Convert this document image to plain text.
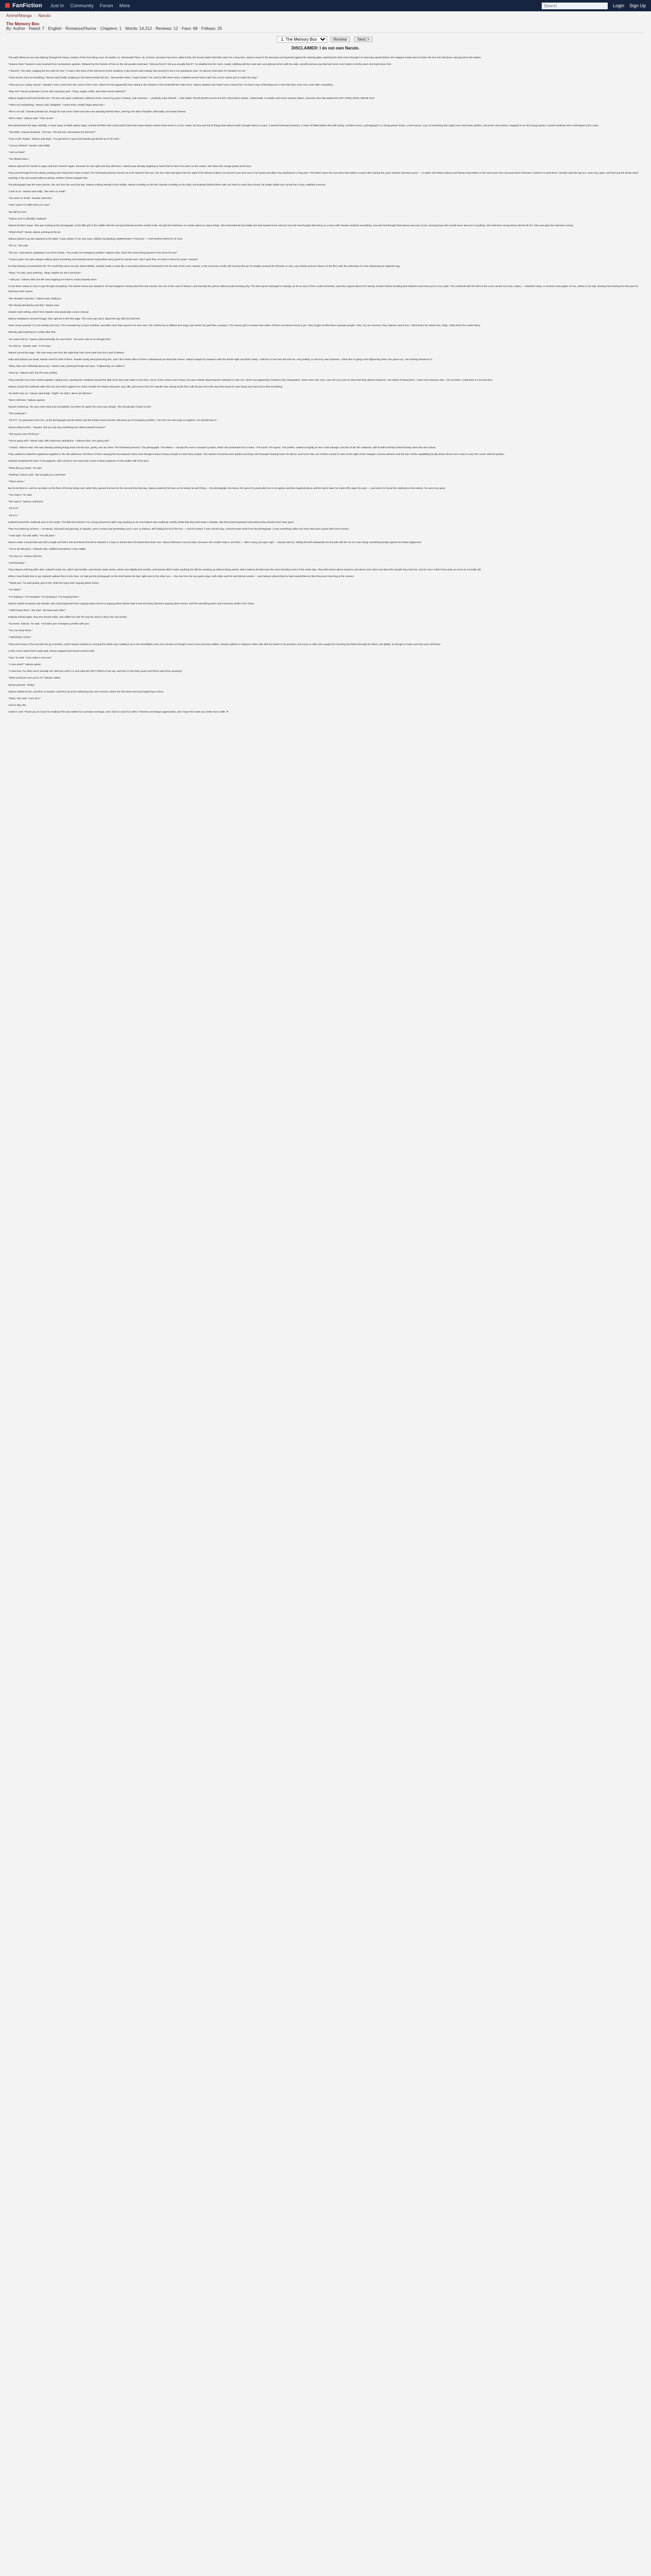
FanFiction Just In Community Forum More
Search	Login Sign Up
Anime/Manga › Naruto
The Memory Box
By: Author · Rated: T · English · Romance/Humor · Chapters: 1 · Words: 14,212 · Reviews: 12 · Favs: 68 · Follows: 25
1. The Memory Box Review	Next >
DISCLAIMER: I do not own Naruto.

The path afternoon sun was blazing through the heavy curtains of the front living room of number 12, Grimmauld Place. Or, at least, someone had once called it that; the house hadn't held that name for a long time. Sakura stood in the doorway and squinted against the slanting light, watching the dust move through it in slow lazy spirals before she stepped inside and set down the box she had been carrying since the station.

"Sakura-chan!" Naruto's voice boomed from somewhere upstairs, followed by the thunder of feet on the old wooden staircase. "Did you find it? Did you actually find it?" He skidded into the room, nearly colliding with the coat rack, and grinned at her with the wide, unselfconscious joy that had never once faded in all the years she had known him.

"I found it," she said, nudging the box with her foot. "It was in the back of the storeroom at the academy. Iruka-sensei said nobody had touched it since our graduation year. He almost cried when he handed it to me."

"Iruka-sensei cries at everything," Naruto said fondly, dropping to his knees beside the box. "Remember when I made chunin? He cried for like three hours. Kakashi-sensei had to take him out for ramen just to make him stop."

"That was you crying, Naruto." Sasuke's voice came from the corner of the room, where he had apparently been sitting in the shadow of the bookshelf the entire time. Sakura startled; she hadn't even noticed him. He had a way of blending into a room like that, even now, even after everything.

"Was not!" Naruto protested, but his ears had gone pink. "Okay, maybe a little. But Iruka-sensei started it!"

Sakura laughed and knelt beside him. The box was plain cardboard, softened at the corners by years of damp, and someone — probably Iruka himself — had written TEAM SEVEN across the lid in thick black marker. Underneath, in smaller and much messier letters, someone else had added DO NOT OPEN UNTIL WE'RE OLD.

"That's my handwriting," Naruto said, delighted. "I wrote that! I totally forgot about this."

"We're not old," Sasuke pointed out, though he had come closer and was now standing behind them, peering over their shoulders with badly concealed interest.

"We're older," Sakura said. "That counts."

She peeled back the tape carefully. It came away in brittle yellow strips, and the lid lifted with a faint puff of dust that made Naruto sneeze three times in a row. Inside, the box was full of things that Sakura hadn't thought about in years: a dented forehead protector, a stack of folded letters tied with string, a broken kunai, a photograph in a cheap plastic frame, a bent spoon, a jar of something that might once have been pickles, and at the very bottom, wrapped in an old orange jacket, a small notebook with a bell taped to the cover.

"The bells," Naruto breathed. "Oh man. The bell test. Remember the bell test?"

"How could I forget," Sakura said dryly. "You got tied to a post and Sasuke got buried up to his neck."

"And you fainted," Sasuke said mildly.

"I did not faint!"

"You fainted twice."

Sakura opened her mouth to argue and then closed it again, because he was right and they all knew it. Naruto was already laughing so hard that he had to lie down on the carpet. She threw the orange jacket at his face.

They went through the box slowly, passing each thing from hand to hand. The forehead protector turned out to be Naruto's first one, the one Iruka had given him the night of the Mizuki incident; he turned it over and over in his hands and didn't say anything for a long time. The letters were the ones they had written to each other during the years Sasuke had been gone — or rather, the letters Sakura and Naruto had written to him and never sent, because there had been nowhere to send them. Sasuke read the top one, went very quiet, and then put the whole stack carefully in his own pocket without asking. Neither of them stopped him.

The photograph was the team picture, the one from the very first day. Sakura smiling sweetly in the middle, Naruto scowling on the left, Sasuke scowling on the right, and Kakashi behind them with one hand on each boy's head, his single visible eye curved into a lazy, satisfied crescent.

"Look at us," Naruto said softly. "We were so small."

"You were so small," Sasuke corrected.

"Hey! I grew! I'm taller than you now!"

"By half an inch."

"Half an inch is still taller, bastard!"

Sakura let them argue. She was looking at the photograph, at the little girl in the middle with the too-big forehead and the careful smile, the girl who had been so certain about so many things. She remembered how badly she had wanted to be noticed, how she had thought that being on a team with Sasuke would fix everything, how she had thought that Naruto was just a loud, annoying boy who would never amount to anything. She had been wrong about almost all of it. She was glad she had been wrong.

"What's that?" Naruto asked, pointing at the jar.

Sakura picked it up and squinted at the label. It was written in her own neat, childish handwriting: EMERGENCY PICKLES — FOR WHEN NARUTO IS SAD.

"Oh no," she said.

"Oh yes," said Naruto, grabbing it out of her hands. "You made me emergency pickles? Sakura-chan, that's the nicest thing anyone's ever done for me!"

"It was a joke! You were always sulking about something and Kakashi-sensei said pickles were good for morale and—don't open that, it's been in there for years—Naruto!"

He had already unscrewed the lid. The smell that came out was indescribable. Sasuke made a noise like a wounded animal and retreated to the far side of the room. Naruto, to his enormous credit, did not drop the jar; he simply screwed the lid back on very, very slowly and set it down on the floor with the solemnity of a man disarming an explosive tag.

"Okay," he said, eyes watering. "Okay. Maybe we don't eat those."

"I told you," Sakura said, but she was laughing too hard to sound properly stern.

It took them nearly an hour to get through everything. The broken kunai was Sasuke's; he had snapped it during their first real mission, the one in the Land of Waves, and had kept the pieces without quite knowing why. The bent spoon belonged to nobody, as far as any of them could remember, and they argued about it for twenty minutes before deciding that Kakashi must have put it in as a joke. The notebook with the bell on the cover turned out to be a diary — Kakashi's diary, or at least a few pages of one, written in his tidy, slanting hand during the first year he had been their sensei.

"We shouldn't read this," Sakura said, holding it.

"We should absolutely read this," Naruto said.

Sasuke said nothing, which from Sasuke was practically a vote in favour.

Sakura hesitated a moment longer, then opened to the first page. The entry was short, dated the day after the bell test.

Team Seven passed. I'm not entirely sure how. The Uzumaki boy is loud, reckless, and talks more than anyone I've ever met. The Uchiha boy is brilliant and angry and carries his grief like a weapon. The Haruno girl is smarter than either of them and doesn't know it yet. They fought me like three separate people. Then, for one moment, they shared a lunch box. I think that's the whole test, really. I think that's the whole thing.

Nobody said anything for a while after that.

"He never told us," Naruto said eventually, his voice thick. "He never told us he thought that."

"He told us," Sasuke said. "In his way."

Sakura turned the page. The next entry was from the night they had come back from the Land of Waves.

Haku and Zabuza are dead. Naruto cried for both of them. Sasuke nearly died protecting him, and I don't think either of them understands yet what that means. Sakura stayed by Sasuke's side the whole night and didn't sleep. I told her to rest and she told me, very politely, to mind my own business. I think she is going to be frightening when she grows up. I am looking forward to it.

"Okay, that one's definitely about you," Naruto said, grinning through wet eyes. "Frightening. He called it."

"Shut up," Sakura said, but she was smiling.

They read the rest of the entries together, taking turns, passing the notebook around the little circle they had made on the floor. Some of the entries were funny; one was entirely about Naruto's attempt to cook rice, which had apparently involved a fire extinguisher. Some were sad. One, near the end, was so short that they almost missed it: I am afraid of losing them. I have lost everyone else. I do not think I could bear it a second time.

Sakura closed the notebook after that one and held it against her chest. Beside her Naruto had gone very still, and across from her Sasuke was staring at the floor with his jaw set in the way that meant he was trying very hard not to feel something.

"He didn't lose us," Naruto said finally. "Right? He didn't. We're all still here."

"We're still here," Sakura agreed.

Sasuke looked up. His eyes were dark and unreadable, but when he spoke his voice was steady. "We should give it back to him."

"The notebook?"

"All of it." He gestured at the box, at the photograph and the letters and the broken kunai and the ridiculous jar of emergency pickles. "He's the one who kept us together. He should have it."

Naruto stared at him. "Sasuke. Did you just say something nice about Kakashi-sensei?"

"Tell anyone and I'll kill you."

"You're going soft," Naruto said, with enormous satisfaction. "Sakura-chan, he's going soft."

"I heard," Sakura said. She was already packing things back into the box, gently, one at a time. The forehead protector. The photograph. The letters — except the ones in Sasuke's pocket, which she pretended not to notice. The kunai. The spoon. The pickles, sealed as tightly as she could manage. And last of all, the notebook, with its little bell that chimed faintly when she set it down.

They walked to Kakashi's apartment together in the late afternoon, the three of them carrying the box between them even though it wasn't heavy enough to need three people. The streets of Konoha were golden and busy, full of people heading home for dinner, and more than one of them turned to stare at the sight of the Hokage's closest advisors and the last Uchiha squabbling loudly about whose turn it was to carry the corner with the pickles.

Kakashi answered the door in his pyjamas, with a book in one hand and a look of deep suspicion on the visible half of his face.

"What did you break," he said.

"Nothing!" Naruto said. "We brought you a present!"

"That's worse."

But he let them in, and he sat down on the floor of his tiny living room while they opened the box for the second time that day. Sakura watched his face as he looked at each thing — the photograph, the kunai, the spoon he pretended not to recognise and then laughed about until he had to take his mask off to wipe his eyes — and when he found the notebook at the bottom, he went very quiet.

"You read it," he said.

"We read it," Sakura confirmed.

"All of it?"

"All of it."

Kakashi turned the notebook over in his hands. The little bell chimed. For a long moment he didn't say anything at all, and Sakura was suddenly, terribly afraid that they had made a mistake, that they had trespassed somewhere they should never have gone.

Then he looked up at them — at Naruto, red-eyed and grinning; at Sasuke, arms crossed and pretending not to care; at Sakura, still holding the lid of the box — and he smiled. It was not the lazy, crescent-eyed smile from the photograph. It was something older and more tired and a great deal more honest.

"I was right," he said softly. "You did pass."

Naruto made a sound that was half a laugh and half a sob and threw himself at Kakashi in a hug so violent that it knocked them both over. Sakura followed a second later, because she couldn't help it, and then — after a long, put-upon sigh — Sasuke did too, folding himself awkwardly into the pile with the air of a man doing something deeply against his better judgement.

"You're all ridiculous," Kakashi said, muffled somewhere in the middle.

"You love us," Naruto told him.

"Unfortunately."

They stayed until long after dark. Kakashi made tea, which was terrible, and Naruto made ramen, which was slightly less terrible, and Sasuke didn't make anything but did the washing up without being asked, which Sakura decided was the most shocking event of the entire day. They told stories about missions and about each other and about the people they had lost, and for once it didn't hurt quite as much as it usually did.

When it was finally time to go, Kakashi walked them to the door. He had put the photograph on the shelf above his bed, right next to the other one — the one from his own genin days, with Obito and Rin and Minato-sensei — and Sakura noticed that he had moved them so that they were touching at the corners.

"Thank you," he said quietly, just to her, while the boys were arguing about shoes.

"For what?"

"For finding it." He hesitated. "For keeping it. For keeping them."

Sakura looked at Naruto and Sasuke, who had progressed from arguing about shoes to arguing about whose fault it was that they had been arguing about shoes, and felt something warm and enormous settle in her chest.

"I didn't keep them," she said. "We kept each other."

Kakashi smiled again, that new honest smile, and ruffled her hair the way he used to when she was twelve.

"Go home, Sakura," he said. "And take your emergency pickles with you."

"You can keep those."

"I absolutely cannot."

They went home in the end with the jar of pickles, which Naruto insisted on carrying the whole way, holding it up to the streetlights every few minutes as though it were some precious artifact. Sasuke walked on Sakura's other side with his hands in his pockets, and every so often she caught him touching the letters through the fabric, just lightly, as though to make sure they were still there.

At the corner where their roads split, Naruto stopped and turned to them both.

"Hey," he said. "Let's make a new one."

"A new what?" Sakura asked.

"A new box! For when we're actually old. We'll put stuff in it, and write DO NOT OPEN on the top, and then in like thirty years we'll find it and it'll be amazing."

"What would we even put in it?" Sasuke asked.

Naruto grinned. "Today."

Sakura looked at him, and then at Sasuke, and then up at the darkening sky over Konoha, where the first stars were just beginning to show.

"Okay," she said. "Let's do it."

And so they did.

Author's note: Thank you so much for reading! This was written for a prompt exchange, and I had so much fun with it. Reviews are always appreciated, and I hope this made you smile even a little. ♥
